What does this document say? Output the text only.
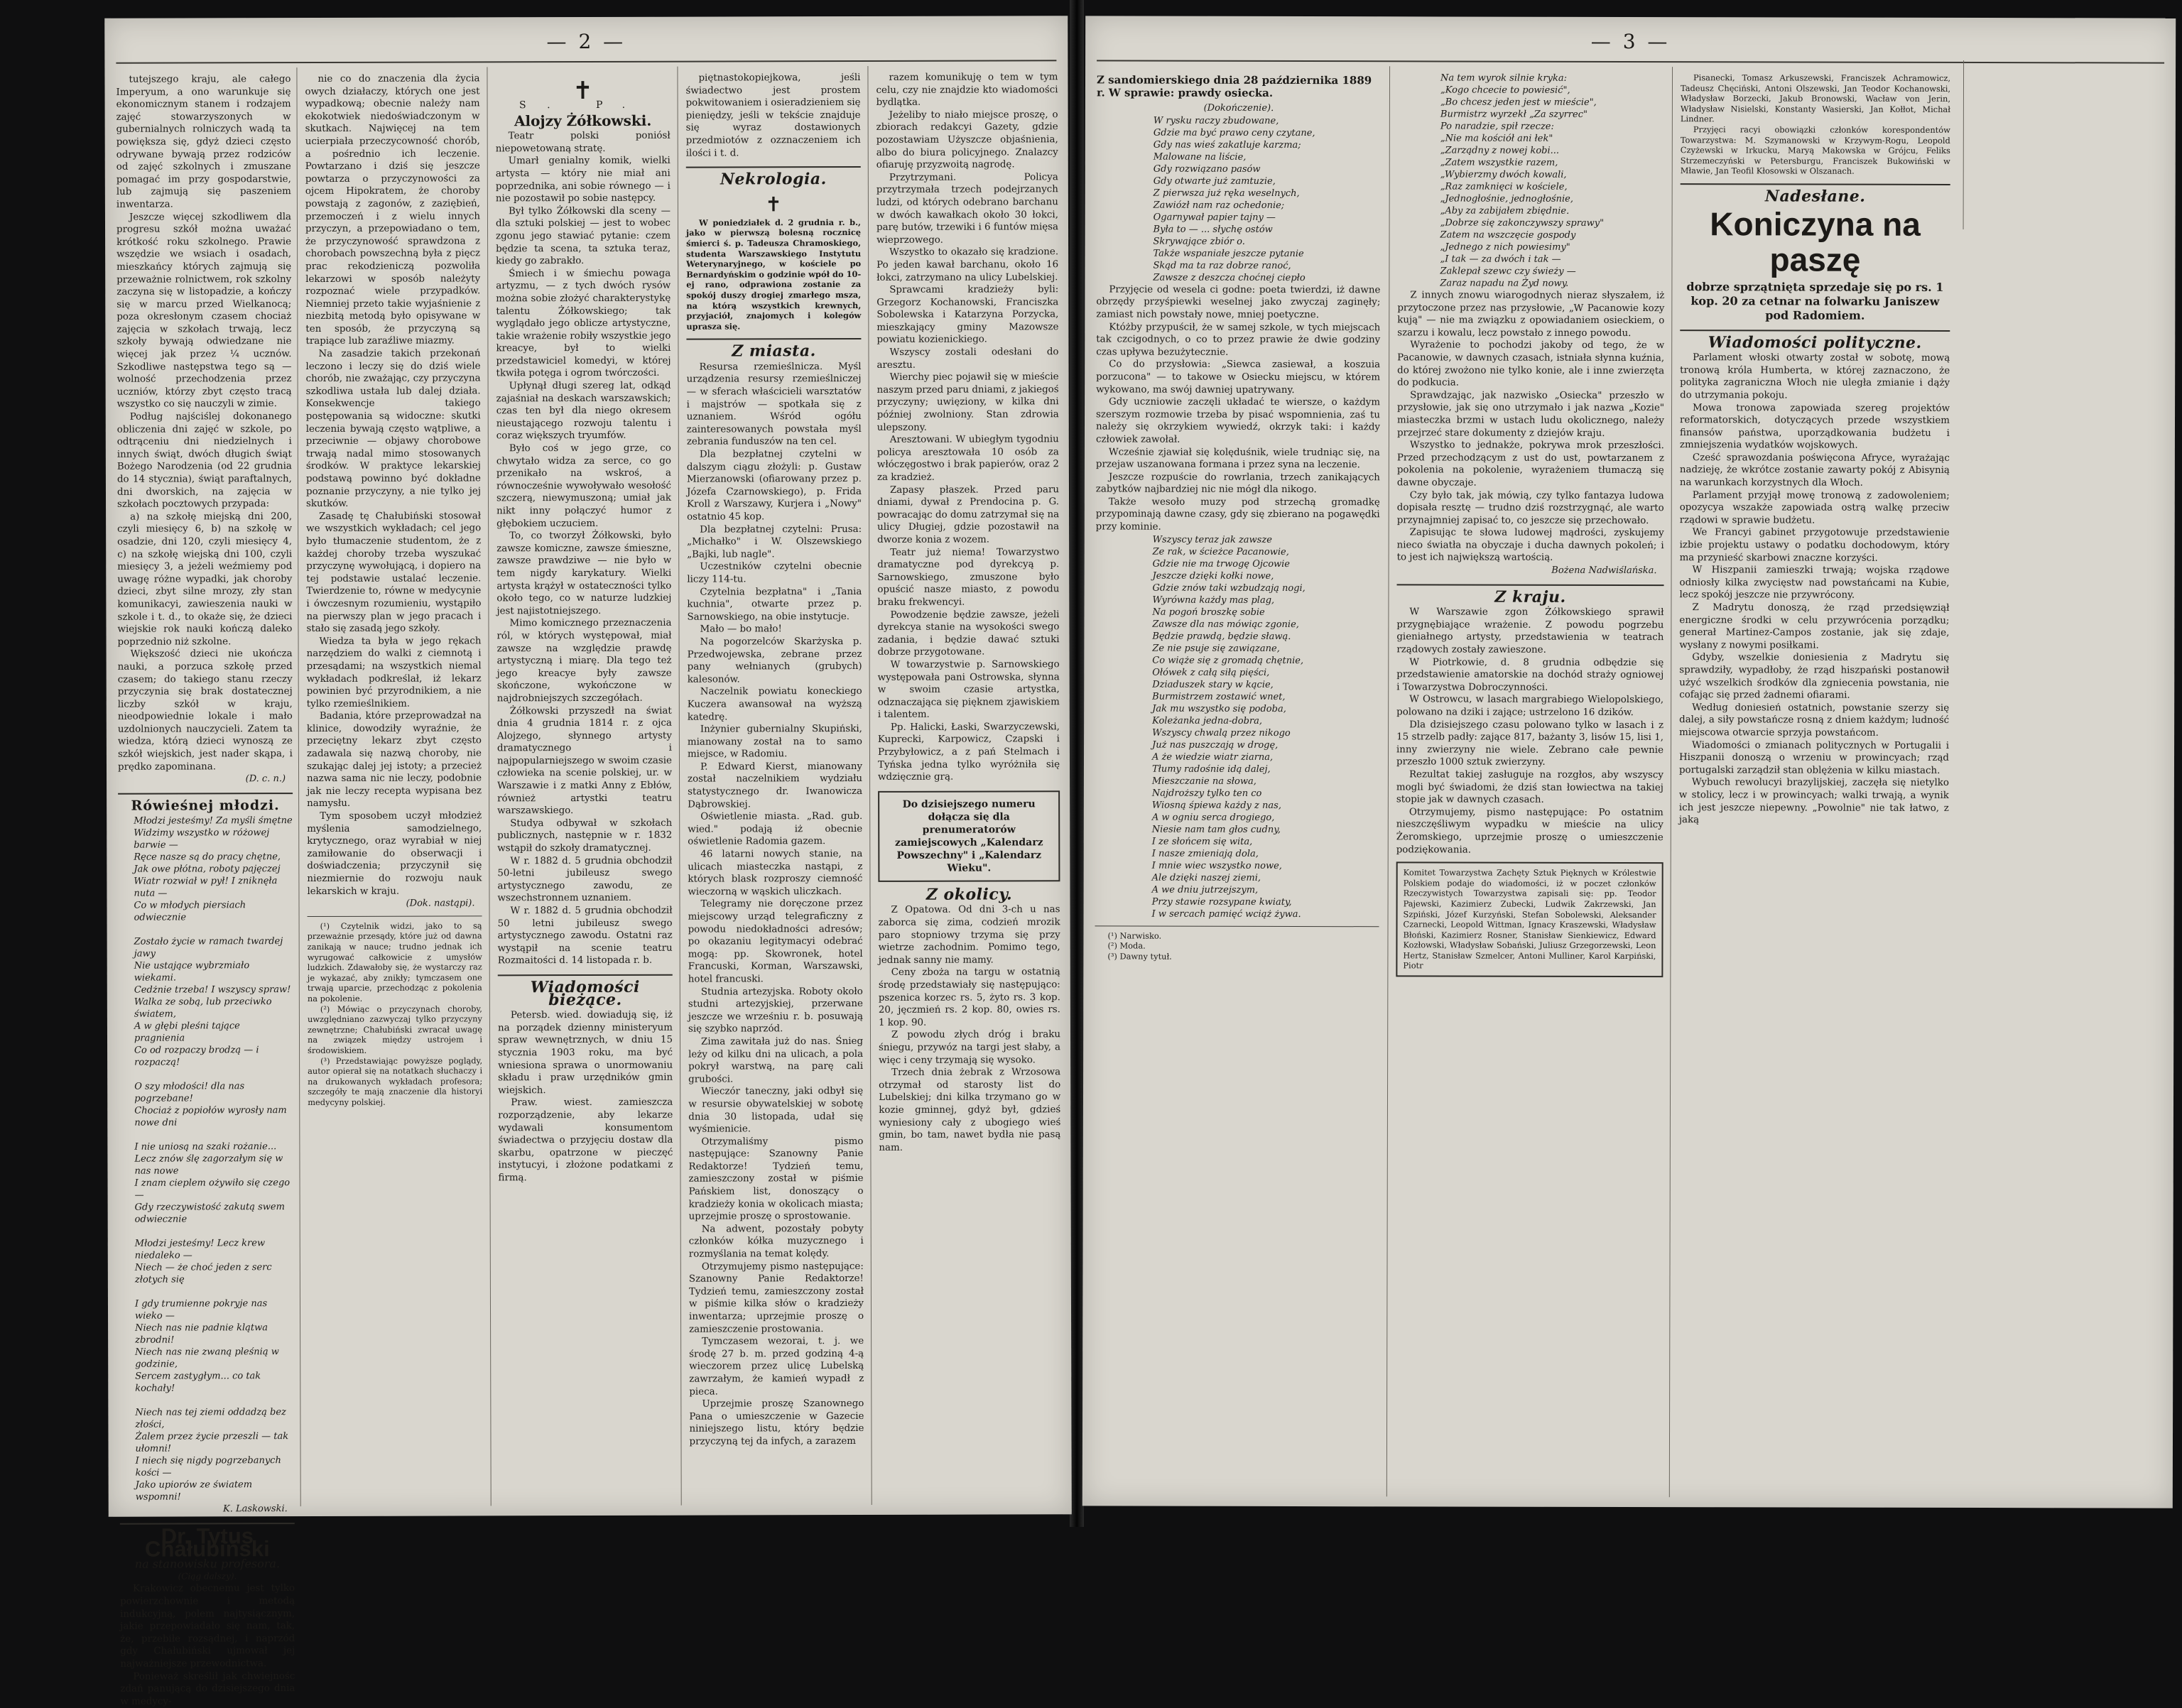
— 2 —

tutejszego kraju, ale całego Imperyum, a ono warunkuje się ekonomicznym stanem i rodzajem zajęć stowarzyszonych w gubernialnych rolniczych wadą ta powiększa się, gdyż dzieci często odrywane bywają przez rodziców od zajęć szkolnych i zmuszane pomagać im przy gospodarstwie, lub zajmują się paszeniem inwentarza.

Jeszcze więcej szkodliwem dla progresu szkół można uważać krótkość roku szkolnego. Prawie wszędzie we wsiach i osadach, mieszkańcy których zajmują się przeważnie rolnictwem, rok szkolny zaczyna się w listopadzie, a kończy się w marcu przed Wielkanocą; poza okresłonym czasem chociaż zajęcia w szkołach trwają, lecz szkoły bywają odwiedzane nie więcej jak przez ¼ ucznów. Szkodliwe następstwa tego są — wolność przechodzenia przez uczniów, którzy zbyt często tracą wszystko co się nauczyli w zimie.

Podług najściślej dokonanego obliczenia dni zajęć w szkole, po odtrąceniu dni niedzielnych i innych świąt, dwóch długich świąt Bożego Narodzenia (od 22 grudnia do 14 stycznia), świąt paraftalnych, dni dworskich, na zajęcia w szkołach pocztowych przypada:

a) na szkołę miejską dni 200, czyli miesięcy 6, b) na szkołę w osadzie, dni 120, czyli miesięcy 4, c) na szkołę wiejską dni 100, czyli miesięcy 3, a jeżeli weźmiemy pod uwagę różne wypadki, jak choroby dzieci, zbyt silne mrozy, zły stan komunikacyi, zawieszenia nauki w szkole i t. d., to okaże się, że dzieci wiejskie rok nauki kończą daleko poprzednio niż szkolne.

Większość dzieci nie ukończa nauki, a porzuca szkołę przed czasem; do takiego stanu rzeczy przyczynia się brak dostatecznej liczby szkół w kraju, nieodpowiednie lokale i mało uzdolnionych nauczycieli. Zatem ta wiedza, którą dzieci wynoszą ze szkół wiejskich, jest nader skąpa, i prędko zapominana.

(D. c. n.)
Rówieśnej młodzi.
Młodzi jesteśmy! Za myśli śmętne
Widzimy wszystko w różowej barwie —
Ręce nasze są do pracy chętne,
Jak owe płótna, roboty pajęczej
Wiatr rozwiał w pył! I zniknęła nuta —
Co w młodych piersiach odwiecznie

Zostało życie w ramach twardej jawy
Nie ustające wybrzmiało wiekami.
Cedżnie trzeba! I wszyscy spraw!
Walka ze sobą, lub przeciwko światem,
A w głębi pleśni tające pragnienia
Co od rozpaczy brodzą — i rozpaczą!

O szy młodości! dla nas pogrzebane!
Chociaż z popiołów wyrosły nam nowe dni

I nie uniosą na szaki rożanie...
Lecz znów ślę zagorzałym się w nas nowe
I znam cieplem ożywiło się czego —
Gdy rzeczywistość zakutą swem odwiecznie

Młodzi jesteśmy! Lecz krew niedaleko —
Niech — że choć jeden z serc złotych się

I gdy trumienne pokryje nas wieko —
Niech nas nie padnie klątwa zbrodni!
Niech nas nie zwaną pleśnią w godzinie,
Sercem zastygłym... co tak kochały!

Niech nas tej ziemi oddadzą bez złości,
Żalem przez życie przeszli — tak ułomni!
I niech się nigdy pogrzebanych kości —
Jako upiorów ze światem wspomni!
K. Laskowski.
Dr. Tytus Chałubiński
na stanowisku profesora.
(Ciąg dalszy).

Krakowicz obecnemu jest tylko powierzchownie i metodą indukcyjną, polem najtysiącznym, jakie przepowiadało się nam, tak, że, przebiłe rozsądnej, i naprzód gdy Chałubiński ujmował jej najważniejsze przewodnictwa.

Ponieważ skreślił jak chwiejnośc zdań panującą do dzisiejszego dnia w medycy-

nie co do znaczenia dla życia owych działaczy, których one jest wypadkową; obecnie należy nam ekokotwiek niedoświadczonym w skutkach. Najwięcej na tem ucierpiała przeczycowność chorób, a pośrednio ich leczenie. Powtarzano i dziś się jeszcze powtarza o przyczynowości za ojcem Hipokratem, że choroby powstają z zagonów, z zaziębień, przemoczeń i z wielu innych przyczyn, a przepowiadano o tem, że przyczynowość sprawdzona z chorobach powszechną była z pięcz prac rekodzieniczą pozwoliła lekarzowi w sposób należyty rozpoznać wiele przypadków. Niemniej przeto takie wyjaśnienie z niezbitą metodą było opisywane w ten sposób, że przyczyną są trapiące lub zaraźliwe miazmy.

Na zasadzie takich przekonań leczono i leczy się do dziś wiele chorób, nie zważając, czy przyczyna szkodliwa ustała lub dalej działa. Konsekwencje takiego postępowania są widoczne: skutki leczenia bywają często wątpliwe, a przeciwnie — objawy chorobowe trwają nadal mimo stosowanych środków. W praktyce lekarskiej podstawą powinno być dokładne poznanie przyczyny, a nie tylko jej skutków.

Zasadę tę Chałubiński stosował we wszystkich wykładach; cel jego było tłumaczenie studentom, że z każdej choroby trzeba wyszukać przyczynę wywołującą, i dopiero na tej podstawie ustalać leczenie. Twierdzenie to, równe w medycynie i ówczesnym rozumieniu, wystąpiło na pierwszy plan w jego pracach i stało się zasadą jego szkoły.

Wiedza ta była w jego rękach narzędziem do walki z ciemnotą i przesądami; na wszystkich niemal wykładach podkreślał, iż lekarz powinien być przyrodnikiem, a nie tylko rzemieślnikiem.

Badania, które przeprowadzał na klinice, dowodziły wyraźnie, że przeciętny lekarz zbyt często zadawala się nazwą choroby, nie szukając dalej jej istoty; a przecież nazwa sama nic nie leczy, podobnie jak nie leczy recepta wypisana bez namysłu.

Tym sposobem uczył młodzież myślenia samodzielnego, krytycznego, oraz wyrabiał w niej zamiłowanie do obserwacji i doświadczenia; przyczynił się niezmiernie do rozwoju nauk lekarskich w kraju.

(Dok. nastąpi).

(¹) Czytelnik widzi, jako to są przeważnie przesądy, które już od dawna zanikają w nauce; trudno jednak ich wyrugować całkowicie z umysłów ludzkich. Zdawałoby się, że wystarczy raz je wykazać, aby znikły; tymczasem one trwają uparcie, przechodząc z pokolenia na pokolenie.

(²) Mówiąc o przyczynach choroby, uwzględniano zazwyczaj tylko przyczyny zewnętrzne; Chałubiński zwracał uwagę na związek między ustrojem i środowiskiem.

(³) Przedstawiając powyższe poglądy, autor opierał się na notatkach słuchaczy i na drukowanych wykładach profesora; szczegóły te mają znaczenie dla historyi medycyny polskiej.

✝
S. P.
Alojzy Żółkowski.

Teatr polski poniósł niepowetowaną stratę.

Umarł genialny komik, wielki artysta — który nie miał ani poprzednika, ani sobie równego — i nie pozostawił po sobie następcy.

Był tylko Żółkowski dla sceny — dla sztuki polskiej — jest to wobec zgonu jego stawiać pytanie: czem będzie ta scena, ta sztuka teraz, kiedy go zabrakło.

Śmiech i w śmiechu powaga artyzmu, — z tych dwóch rysów można sobie złożyć charakterystykę talentu Żółkowskiego; tak wyglądało jego oblicze artystyczne, takie wrażenie robiły wszystkie jego kreacye, był to wielki przedstawiciel komedyi, w której tkwiła potęga i ogrom twórczości.

Upłynął długi szereg lat, odkąd zajaśniał na deskach warszawskich; czas ten był dla niego okresem nieustającego rozwoju talentu i coraz większych tryumfów.

Było coś w jego grze, co chwytało widza za serce, co go przenikało na wskroś, a równocześnie wywoływało wesołość szczerą, niewymuszoną; umiał jak nikt inny połączyć humor z głębokiem uczuciem.

To, co tworzył Żółkowski, było zawsze komiczne, zawsze śmieszne, zawsze prawdziwe — nie było w tem nigdy karykatury. Wielki artysta krążył w ostateczności tylko około tego, co w naturze ludzkiej jest najistotniejszego.

Mimo komicznego przeznaczenia ról, w których występował, miał zawsze na względzie prawdę artystyczną i miarę. Dla tego też jego kreacye były zawsze skończone, wykończone w najdrobniejszych szczegółach.

Żółkowski przyszedł na świat dnia 4 grudnia 1814 r. z ojca Alojzego, słynnego artysty dramatycznego i najpopularniejszego w swoim czasie człowieka na scenie polskiej, ur. w Warszawie i z matki Anny z Ebłów, również artystki teatru warszawskiego.

Studya odbywał w szkołach publicznych, następnie w r. 1832 wstąpił do szkoły dramatycznej.

W r. 1882 d. 5 grudnia obchodził 50-letni jubileusz swego artystycznego zawodu, ze wszechstronnem uznaniem.

W r. 1882 d. 5 grudnia obchodził 50 letni jubileusz swego artystycznego zawodu. Ostatni raz wystąpił na scenie teatru Rozmaitości d. 14 listopada r. b.

Wiadomości bieżące.

Petersb. wied. dowiadują się, iż na porządek dzienny ministeryum spraw wewnętrznych, w dniu 15 stycznia 1903 roku, ma być wniesiona sprawa o unormowaniu składu i praw urzędników gmin wiejskich.

Praw. wiest. zamieszcza rozporządzenie, aby lekarze wydawali konsumentom świadectwa o przyjęciu dostaw dla skarbu, opatrzone w pieczęć instytucyi, i złożone podatkami z firmą.

piętnastokopiejkowa, jeśli świadectwo jest prostem pokwitowaniem i osieradzieniem się pieniędzy, jeśli w tekście znajduje się wyraz dostawionych przedmiotów z ozznaczeniem ich ilości i t. d.

Nekrologia.
✝

W poniedziałek d. 2 grudnia r. b., jako w pierwszą bolesną rocznicę śmierci ś. p. Tadeusza Chramoskiego, studenta Warszawskiego Instytutu Weterynaryjnego, w kościele po Bernardyńskim o godzinie wpół do 10-ej rano, odprawiona zostanie za spokój duszy drogiej zmarłego msza, na którą wszystkich krewnych, przyjaciół, znajomych i kolegów uprasza się.

Z miasta.

Resursa rzemieślnicza. Myśl urządzenia resursy rzemieślniczej — w sferach właścicieli warsztatów i majstrów — spotkała się z uznaniem. Wśród ogółu zainteresowanych powstała myśl zebrania funduszów na ten cel.

Dla bezpłatnej czytelni w dalszym ciągu złożyli: p. Gustaw Mierzanowski (ofiarowany przez p. Józefa Czarnowskiego), p. Frida Kroll z Warszawy, Kurjera i „Nowy" ostatnio 45 kop.

Dla bezpłatnej czytelni: Prusa: „Michałko" i W. Olszewskiego „Bajki, lub nagle".

Uczestników czytelni obecnie liczy 114-tu.

Czytelnia bezpłatna" i „Tania kuchnia", otwarte przez p. Sarnowskiego, na obie instytucje.

Mało — bo mało!

Na pogorzelców Skarżyska p. Przedwojewska, zebrane przez pany wełnianych (grubych) kalesonów.

Naczelnik powiatu koneckiego Kuczera awansował na wyższą katedrę.

Inżynier gubernialny Skupiński, mianowany został na to samo miejsce, w Radomiu.

P. Edward Kierst, mianowany został naczelnikiem wydziału statystycznego dr. Iwanowicza Dąbrowskiej.

Oświetlenie miasta. „Rad. gub. wied." podają iż obecnie oświetlenie Radomia gazem.

46 latarni nowych stanie, na ulicach miasteczka nastąpi, z których blask rozproszy ciemność wieczorną w wąskich uliczkach.

Telegramy nie doręczone przez miejscowy urząd telegraficzny z powodu niedokładności adresów; po okazaniu legitymacyi odebrać mogą: pp. Skowronek, hotel Francuski, Korman, Warszawski, hotel francuski.

Studnia artezyjska. Roboty około studni artezyjskiej, przerwane jeszcze we wrześniu r. b. posuwają się szybko naprzód.

Zima zawitała już do nas. Śnieg leży od kilku dni na ulicach, a pola pokrył warstwą, na parę cali grubości.

Wieczór taneczny, jaki odbył się w resursie obywatelskiej w sobotę dnia 30 listopada, udał się wyśmienicie.

Otrzymaliśmy pismo następujące: Szanowny Panie Redaktorze! Tydzień temu, zamieszczony został w piśmie Pańskiem list, donoszący o kradzieży konia w okolicach miasta; uprzejmie proszę o sprostowanie.

Na adwent, pozostały pobyty członków kółka muzycznego i rozmyślania na temat kolędy.

Otrzymujemy pismo następujące: Szanowny Panie Redaktorze! Tydzień temu, zamieszczony został w piśmie kilka słów o kradzieży inwentarza; uprzejmie proszę o zamieszczenie prostowania.

Tymczasem wezorai, t. j. we środę 27 b. m. przed godziną 4-ą wieczorem przez ulicę Lubelską zawrzałym, że kamień wypadł z pieca.

Uprzejmie proszę Szanownego Pana o umieszczenie w Gazecie niniejszego listu, który będzie przyczyną tej da infych, a zarazem

razem komunikuję o tem w tym celu, czy nie znajdzie kto wiadomości bydlątka.

Jeżeliby to niało miejsce proszę, o zbiorach redakcyi Gazety, gdzie pozostawiam Użyszcze objaśnienia, albo do biura policyjnego. Znalazcy ofiaruję przyzwoitą nagrodę.

Przytrzymani. Policya przytrzymała trzech podejrzanych ludzi, od których odebrano barchanu w dwóch kawałkach około 30 łokci, parę butów, trzewiki i 6 funtów mięsa wieprzowego.

Wszystko to okazało się kradzione. Po jeden kawał barchanu, około 16 łokci, zatrzymano na ulicy Lubelskiej.

Sprawcami kradzieży byli: Grzegorz Kochanowski, Franciszka Sobolewska i Katarzyna Porzycka, mieszkający gminy Mazowsze powiatu kozienickiego.

Wszyscy zostali odesłani do aresztu.

Wierchy piec pojawił się w mieście naszym przed paru dniami, z jakiegoś przyczyny; uwięziony, w kilka dni później zwolniony. Stan zdrowia ulepszony.

Aresztowani. W ubiegłym tygodniu policya aresztowała 10 osób za włóczęgostwo i brak papierów, oraz 2 za kradzież.

Zapasy płaszek. Przed paru dniami, dywał z Prendocina p. G. powracając do domu zatrzymał się na ulicy Długiej, gdzie pozostawił na dworze konia z wozem.

Teatr już niema! Towarzystwo dramatyczne pod dyrekcyą p. Sarnowskiego, zmuszone było opuścić nasze miasto, z powodu braku frekwencyi.

Powodzenie będzie zawsze, jeżeli dyrekcya stanie na wysokości swego zadania, i będzie dawać sztuki dobrze przygotowane.

W towarzystwie p. Sarnowskiego występowała pani Ostrowska, słynna w swoim czasie artystka, odznaczająca się pięknem zjawiskiem i talentem.

Pp. Halicki, Łaski, Swarzyczewski, Kuprecki, Karpowicz, Czapski i Przybyłowicz, a z pań Stelmach i Tyńska jedna tylko wyróżniła się wdzięcznie grą.

Do dzisiejszego numeru dołącza się dla prenumeratorów zamiejscowych „Kalendarz Powszechny" i „Kalendarz Wieku".
Z okolicy.

Z Opatowa. Od dni 3-ch u nas zaborca się zima, codzień mrozik paro stopniowy trzyma się przy wietrze zachodnim. Pomimo tego, jednak sanny nie mamy.

Ceny zboża na targu w ostatnią środę przedstawiały się następująco: pszenica korzec rs. 5, żyto rs. 3 kop. 20, jęczmień rs. 2 kop. 80, owies rs. 1 kop. 90.

Z powodu złych dróg i braku śniegu, przywóz na targi jest słaby, a więc i ceny trzymają się wysoko.

Trzech dnia żebrak z Wrzosowa otrzymał od starosty list do Lubelskiej; dni kilka trzymano go w kozie gminnej, gdyż był, gdzieś wyniesiony cały z ubogiego wieś gmin, bo tam, nawet bydła nie pasą nam.

— 3 —
Z sandomierskiego dnia 28 października 1889 r. W sprawie: prawdy osiecka.
(Dokończenie).
W rysku raczy zbudowane,
Gdzie ma być prawo ceny czytane,
Gdy nas wieś zakatluje karzma;
Malowane na liście,
Gdy rozwiązano pasów
Gdy otwarte już zamtuzie,
Z pierwsza już ręka weselnych,
Zawiózł nam raz ochedonie;
Ogarnywał papier tajny —
Była to — ... słychę ostów
Skrywające zbiór o.
Także wspaniałe jeszcze pytanie
Skąd ma ta raz dobrze ranoć,
Zawsze z deszcza choćnej ciepło

Przyjęcie od wesela ci godne: poeta twierdzi, iż dawne obrzędy przyśpiewki weselnej jako zwyczaj zaginęły; zamiast nich powstały nowe, mniej poetyczne.

Któżby przypuścił, że w samej szkole, w tych miejscach tak czcigodnych, o co to przez prawie że dwie godziny czas upływa bezużytecznie.

Co do przysłowia: „Siewca zasiewał, a koszuia porzucona" — to takowe w Osiecku miejscu, w którem wykowano, ma swój dawniej upatrywany.

Gdy uczniowie zaczęli układać te wiersze, o każdym szerszym rozmowie trzeba by pisać wspomnienia, zaś tu należy się okrzykiem wywiedź, okrzyk taki: i każdy człowiek zawołał.

Wcześnie zjawiał się kolęduśnik, wiele trudniąc się, na przejaw uszanowana formana i przez syna na leczenie.

Jeszcze rozpuście do rowrlania, trzech zanikających zabytków najbardziej nic nie mógł dla nikogo.

Także wesoło muzy pod strzechą gromadkę przypominają dawne czasy, gdy się zbierano na pogawędki przy kominie.

Wszyscy teraz jak zawsze
Ze rak, w ścieżce Pacanowie,
Gdzie nie ma trwogę Ojcowie
Jeszcze dzięki kołki nowe,
Gdzie znów taki wzbudzają nogi,
Wyrówna każdy mas plag,
Na pogoń broszkę sobie
Zawsze dla nas mówiąc zgonie,
Będzie prawdą, będzie sławą.
Ze nie psuje się zawiązane,
Co wiąże się z gromadą chętnie,
Ołówek z całą siłą pięści,
Dziaduszek stary w kącie,
Burmistrzem zostawić wnet,
Jak mu wszystko się podoba,
Koleżanka jedna-dobra,
Wszyscy chwalą przez nikogo
Już nas puszczają w drogę,
A że wiedzie wiatr ziarna,
Tłumy radośnie idą dalej,
Mieszczanie na słowa,
Najdroższy tylko ten co
Wiosną śpiewa każdy z nas,
A w ogniu serca drogiego,
Niesie nam tam głos cudny,
I ze słońcem się wita,
I nasze zmieniają dola,
I mnie wiec wszystko nowe,
Ale dzięki naszej ziemi,
A we dniu jutrzejszym,
Przy stawie rozsypane kwiaty,
I w sercach pamięć wciąż żywa.

(¹) Narwisko.

(²) Moda.

(³) Dawny tytuł.

Na tem wyrok silnie kryka:
„Kogo chcecie to powiesić",
„Bo chcesz jeden jest w mieście",
Burmistrz wyrzekł „Za szyrrec"
Po naradzie, spił rzecze:
„Nie ma kościół ani łek"
„Zarządny z nowej kobi...
„Zatem wszystkie razem,
„Wybierzmy dwóch kowali,
„Raz zamknięci w kościele,
„Jednogłośnie, jednogłośnie,
„Aby za zabijałem zbiędnie.
„Dobrze się zakonczywszy sprawy"
Zatem na wszczęcie gospody
„Jednego z nich powiesimy"
„I tak — za dwóch i tak —
Zaklepał szewc czy świeży —
Zaraz napadu na Żyd nowy.

Z innych znowu wiarogodnych nieraz słyszałem, iż przytoczone przez nas przysłowie, „W Pacanowie kozy kują" — nie ma związku z opowiadaniem osieckiem, o szarzu i kowalu, lecz powstało z innego powodu.

Wyrażenie to pochodzi jakoby od tego, że w Pacanowie, w dawnych czasach, istniała słynna kuźnia, do której zwożono nie tylko konie, ale i inne zwierzęta do podkucia.

Sprawdzając, jak nazwisko „Osiecka" przeszło w przysłowie, jak się ono utrzymało i jak nazwa „Kozie" miasteczka brzmi w ustach ludu okolicznego, należy przejrzeć stare dokumenty z dziejów kraju.

Wszystko to jednakże, pokrywa mrok przeszłości. Przed przechodzącym z ust do ust, powtarzanem z pokolenia na pokolenie, wyrażeniem tłumaczą się dawne obyczaje.

Czy było tak, jak mówią, czy tylko fantazya ludowa dopisała resztę — trudno dziś rozstrzygnąć, ale warto przynajmniej zapisać to, co jeszcze się przechowało.

Zapisując te słowa ludowej mądrości, zyskujemy nieco światła na obyczaje i ducha dawnych pokoleń; i to jest ich największą wartością.

Bożena Nadwiślańska.
Z kraju.

W Warszawie zgon Żółkowskiego sprawił przygnębiające wrażenie. Z powodu pogrzebu gieniałnego artysty, przedstawienia w teatrach rządowych zostały zawieszone.

W Piotrkowie, d. 8 grudnia odbędzie się przedstawienie amatorskie na dochód straży ogniowej i Towarzystwa Dobroczynności.

W Ostrowcu, w lasach margrabiego Wielopolskiego, polowano na dziki i zające; ustrzelono 16 dzików.

Dla dzisiejszego czasu polowano tylko w lasach i z 15 strzelb padły: zające 817, bażanty 3, lisów 15, lisi 1, inny zwierzyny nie wiele. Zebrano całe pewnie przeszło 1000 sztuk zwierzyny.

Rezultat takiej zasługuje na rozgłos, aby wszyscy mogli być świadomi, że dziś stan łowiectwa na takiej stopie jak w dawnych czasach.

Otrzymujemy, pismo następujące: Po ostatnim nieszczęśliwym wypadku w mieście na ulicy Żeromskiego, uprzejmie proszę o umieszczenie podziękowania.

Komitet Towarzystwa Zachęty Sztuk Pięknych w Królestwie Polskiem podaje do wiadomości, iż w poczet członków Rzeczywistych Towarzystwa zapisali się: pp. Teodor Pajewski, Kazimierz Zubecki, Ludwik Zakrzewski, Jan Szpiński, Józef Kurzyński, Stefan Sobolewski, Aleksander Czarnecki, Leopold Wittman, Ignacy Kraszewski, Władysław Błoński, Kazimierz Rosner, Stanisław Sienkiewicz, Edward Kozłowski, Władysław Sobański, Juliusz Grzegorzewski, Leon Hertz, Stanisław Szmelcer, Antoni Mulliner, Karol Karpiński, Piotr

Pisanecki, Tomasz Arkuszewski, Franciszek Achramowicz, Tadeusz Chęciński, Antoni Olszewski, Jan Teodor Kochanowski, Władysław Borzecki, Jakub Bronowski, Wacław von Jerin, Władysław Nisielski, Konstanty Wasierski, Jan Kołłot, Michał Lindner.

Przyjęci racyi obowiązki członków korespondentów Towarzystwa: M. Szymanowski w Krzywym-Rogu, Leopold Czyżewski w Irkucku, Maryą Makowska w Grójcu, Feliks Strzemeczyński w Petersburgu, Franciszek Bukowiński w Mławie, Jan Teofil Kłosowski w Olszanach.

Nadesłane.
Koniczyna na paszę
dobrze sprzątnięta sprzedaje się po rs. 1 kop. 20 za cetnar na folwarku Janiszew pod Radomiem.
Wiadomości polityczne.

Parlament włoski otwarty został w sobotę, mową tronową króla Humberta, w której zaznaczono, że polityka zagraniczna Włoch nie uległa zmianie i dąży do utrzymania pokoju.

Mowa tronowa zapowiada szereg projektów reformatorskich, dotyczących przede wszystkiem finansów państwa, uporządkowania budżetu i zmniejszenia wydatków wojskowych.

Cześć sprawozdania poświęcona Afryce, wyrażając nadzieję, że wkrótce zostanie zawarty pokój z Abisynią na warunkach korzystnych dla Włoch.

Parlament przyjął mowę tronową z zadowoleniem; opozycya wszakże zapowiada ostrą walkę przeciw rządowi w sprawie budżetu.

We Francyi gabinet przygotowuje przedstawienie izbie projektu ustawy o podatku dochodowym, który ma przynieść skarbowi znaczne korzyści.

W Hiszpanii zamieszki trwają; wojska rządowe odniosły kilka zwycięstw nad powstańcami na Kubie, lecz spokój jeszcze nie przywrócony.

Z Madrytu donoszą, że rząd przedsięwziął energiczne środki w celu przywrócenia porządku; generał Martinez-Campos zostanie, jak się zdaje, wysłany z nowymi posiłkami.

Gdyby, wszelkie doniesienia z Madrytu się sprawdziły, wypadłoby, że rząd hiszpański postanowił użyć wszelkich środków dla zgniecenia powstania, nie cofając się przed żadnemi ofiarami.

Według doniesień ostatnich, powstanie szerzy się dalej, a siły powstańcze rosną z dniem każdym; ludność miejscowa otwarcie sprzyja powstańcom.

Wiadomości o zmianach politycznych w Portugalii i Hiszpanii donoszą o wrzeniu w prowincyach; rząd portugalski zarządził stan oblężenia w kilku miastach.

Wybuch rewolucyi brazylijskiej, zaczęła się nietylko w stolicy, lecz i w prowincyach; walki trwają, a wynik ich jest jeszcze niepewny. „Powolnie" nie tak łatwo, z jaką
